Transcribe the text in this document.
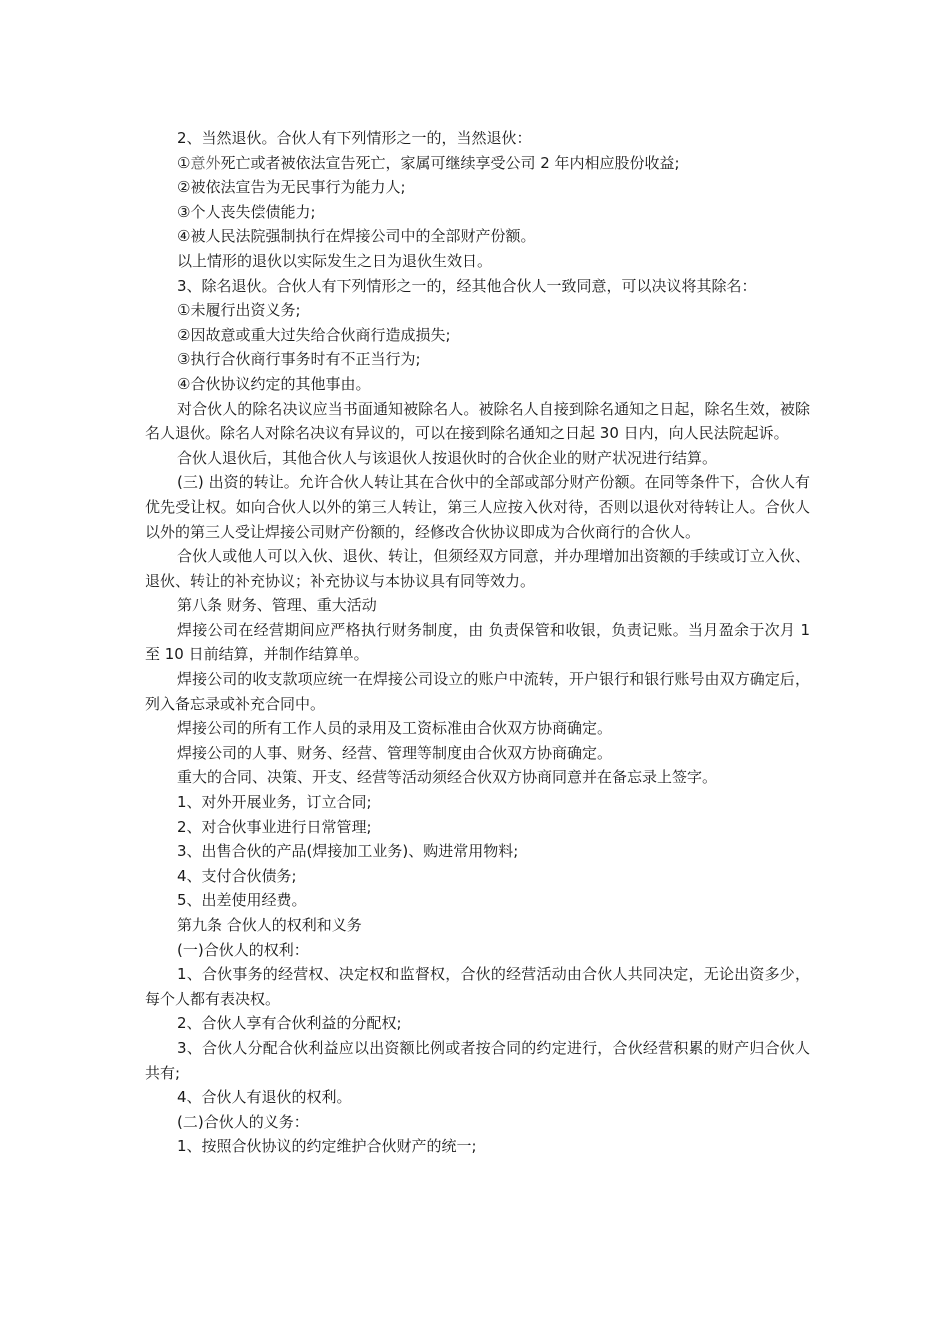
2、当然退伙。合伙人有下列情形之一的，当然退伙：

①意外死亡或者被依法宣告死亡，家属可继续享受公司 2 年内相应股份收益;

②被依法宣告为无民事行为能力人;

③个人丧失偿债能力;

④被人民法院强制执行在焊接公司中的全部财产份额。

以上情形的退伙以实际发生之日为退伙生效日。

3、除名退伙。合伙人有下列情形之一的，经其他合伙人一致同意，可以决议将其除名：

①未履行出资义务;

②因故意或重大过失给合伙商行造成损失;

③执行合伙商行事务时有不正当行为;

④合伙协议约定的其他事由。

对合伙人的除名决议应当书面通知被除名人。被除名人自接到除名通知之日起，除名生效，被除名人退伙。除名人对除名决议有异议的，可以在接到除名通知之日起 30 日内，向人民法院起诉。

合伙人退伙后，其他合伙人与该退伙人按退伙时的合伙企业的财产状况进行结算。

(三) 出资的转让。允许合伙人转让其在合伙中的全部或部分财产份额。在同等条件下，合伙人有优先受让权。如向合伙人以外的第三人转让，第三人应按入伙对待，否则以退伙对待转让人。合伙人以外的第三人受让焊接公司财产份额的，经修改合伙协议即成为合伙商行的合伙人。

合伙人或他人可以入伙、退伙、转让，但须经双方同意，并办理增加出资额的手续或订立入伙、退伙、转让的补充协议；补充协议与本协议具有同等效力。

第八条 财务、管理、重大活动

焊接公司在经营期间应严格执行财务制度，由 负责保管和收银，负责记账。当月盈余于次月 1 至 10 日前结算，并制作结算单。

焊接公司的收支款项应统一在焊接公司设立的账户中流转，开户银行和银行账号由双方确定后，列入备忘录或补充合同中。

焊接公司的所有工作人员的录用及工资标准由合伙双方协商确定。

焊接公司的人事、财务、经营、管理等制度由合伙双方协商确定。

重大的合同、决策、开支、经营等活动须经合伙双方协商同意并在备忘录上签字。

1、对外开展业务，订立合同;

2、对合伙事业进行日常管理;

3、出售合伙的产品(焊接加工业务)、购进常用物料;

4、支付合伙债务;

5、出差使用经费。

第九条 合伙人的权利和义务

(一)合伙人的权利：

1、合伙事务的经营权、决定权和监督权，合伙的经营活动由合伙人共同决定，无论出资多少，每个人都有表决权。

2、合伙人享有合伙利益的分配权;

3、合伙人分配合伙利益应以出资额比例或者按合同的约定进行，合伙经营积累的财产归合伙人共有;

4、合伙人有退伙的权利。

(二)合伙人的义务：

1、按照合伙协议的约定维护合伙财产的统一;
